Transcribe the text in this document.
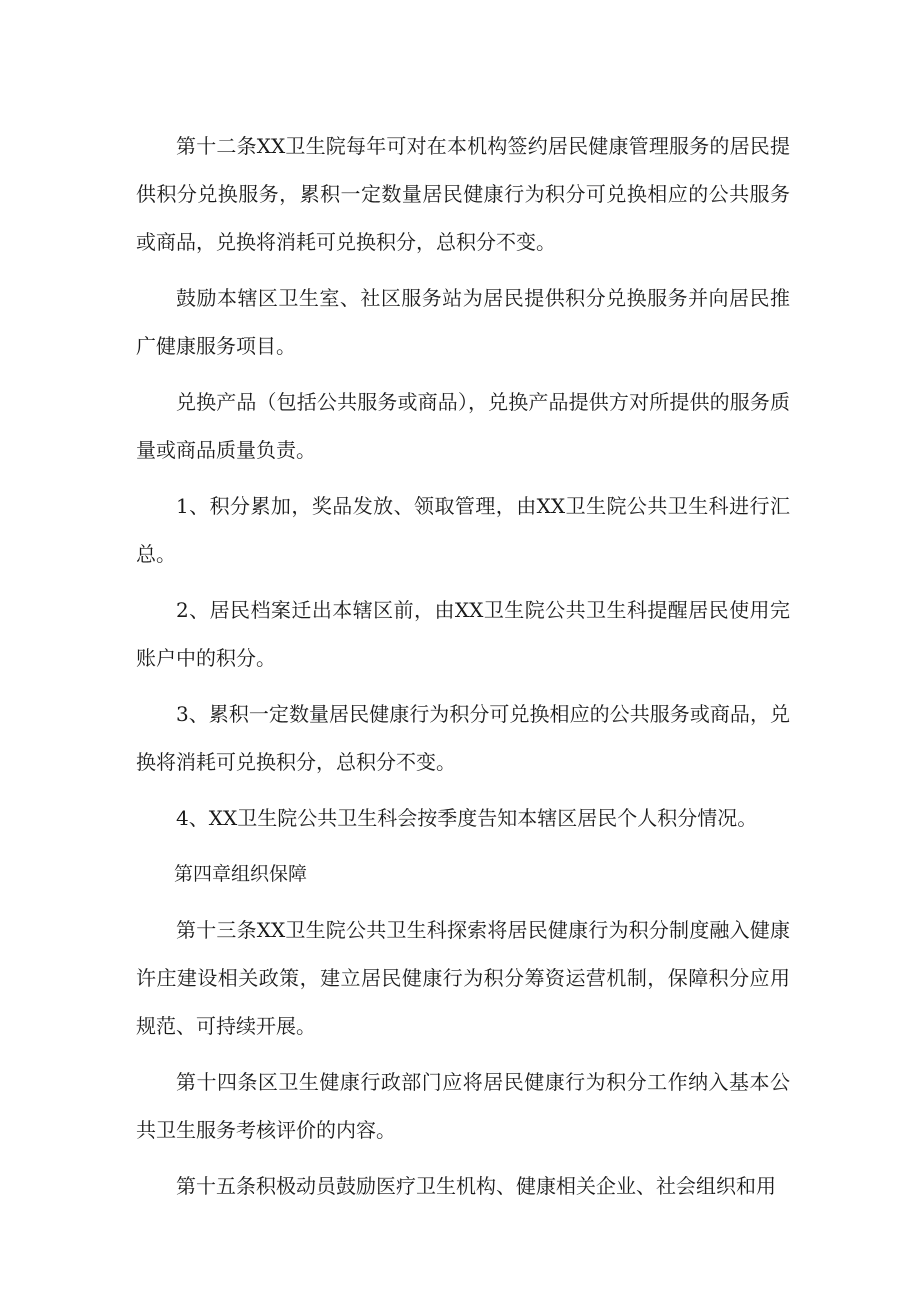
第十二条XX卫生院每年可对在本机构签约居民健康管理服务的居民提供积分兑换服务，累积一定数量居民健康行为积分可兑换相应的公共服务或商品，兑换将消耗可兑换积分，总积分不变。

鼓励本辖区卫生室、社区服务站为居民提供积分兑换服务并向居民推广健康服务项目。

兑换产品（包括公共服务或商品），兑换产品提供方对所提供的服务质量或商品质量负责。

1、积分累加，奖品发放、领取管理，由XX卫生院公共卫生科进行汇总。

2、居民档案迁出本辖区前，由XX卫生院公共卫生科提醒居民使用完账户中的积分。

3、累积一定数量居民健康行为积分可兑换相应的公共服务或商品，兑换将消耗可兑换积分，总积分不变。

4、XX卫生院公共卫生科会按季度告知本辖区居民个人积分情况。

第四章组织保障

第十三条XX卫生院公共卫生科探索将居民健康行为积分制度融入健康许庄建设相关政策，建立居民健康行为积分筹资运营机制，保障积分应用规范、可持续开展。

第十四条区卫生健康行政部门应将居民健康行为积分工作纳入基本公共卫生服务考核评价的内容。

第十五条积极动员鼓励医疗卫生机构、健康相关企业、社会组织和用
